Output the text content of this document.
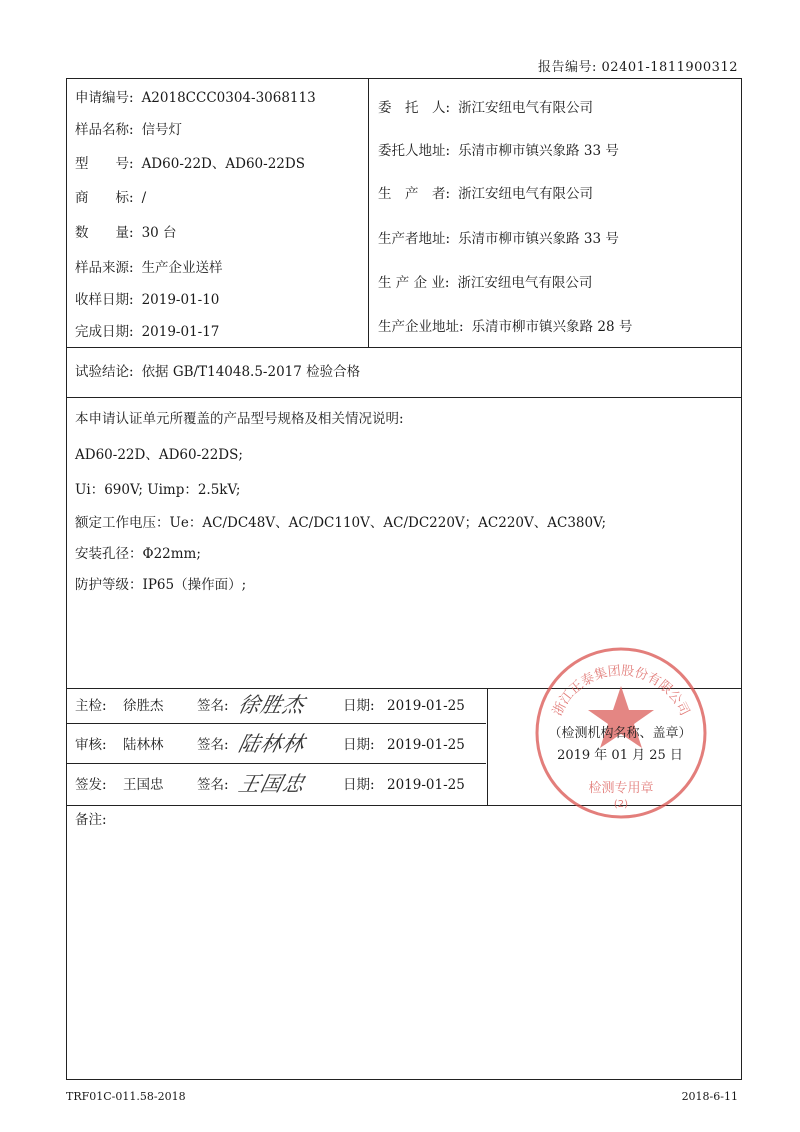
报告编号: 02401-1811900312
申请编号: A2018CCC0304-3068113
样品名称: 信号灯
型　　号: AD60-22D、AD60-22DS
商　　标: /
数　　量: 30 台
样品来源: 生产企业送样
收样日期: 2019-01-10
完成日期: 2019-01-17
委　托　人: 浙江安纽电气有限公司
委托人地址: 乐清市柳市镇兴象路 33 号
生　产　者: 浙江安纽电气有限公司
生产者地址: 乐清市柳市镇兴象路 33 号
生 产 企 业: 浙江安纽电气有限公司
生产企业地址: 乐清市柳市镇兴象路 28 号
试验结论: 依据 GB/T14048.5-2017 检验合格
本申请认证单元所覆盖的产品型号规格及相关情况说明:
AD60-22D、AD60-22DS;
Ui：690V; Uimp：2.5kV;
额定工作电压：Ue：AC/DC48V、AC/DC110V、AC/DC220V；AC220V、AC380V;
安装孔径：Φ22mm;
防护等级：IP65（操作面）;
主检: 徐胜杰 签名: 徐胜杰	日期: 2019-01-25
审核: 陆林林 签名: 陆林林	日期: 2019-01-25
签发: 王国忠 签名: 王国忠	日期: 2019-01-25
备注:
浙江正泰集团股份有限公司
检测专用章
(2)
（检测机构名称、盖章）
2019 年 01 月 25 日
TRF01C-011.58-2018	2018-6-11
